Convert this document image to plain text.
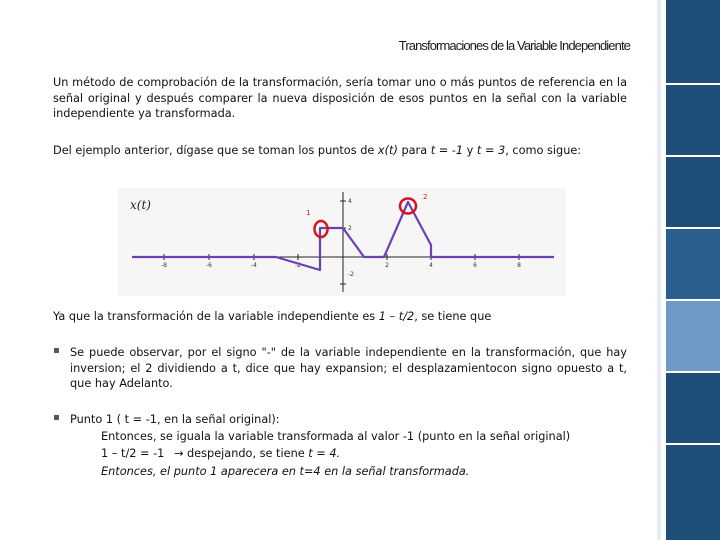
Transformaciones de la Variable Independiente
Un método de comprobación de la transformación, sería tomar uno o más puntos de referencia en la señal original y después comparer la nueva disposición de esos puntos en la señal con la variable independiente ya transformada.
Del ejemplo anterior, dígase que se toman los puntos de x(t) para t = -1 y t = 3, como sigue:
x(t)
-8	-6	-4	-2	2	4	6	8
4
2
-2
1
2
Ya que la transformación de la variable independiente es 1 – t/2, se tiene que
▪ Se puede observar, por el signo "-" de la variable independiente en la transformación, que hay inversion; el 2 dividiendo a t, dice que hay expansion; el desplazamientocon signo opuesto a t, que hay Adelanto.
▪ Punto 1 ( t = -1, en la señal original):
Entonces, se iguala la variable transformada al valor -1 (punto en la señal original)
1 – t/2 = -1 → despejando, se tiene t = 4.
Entonces, el punto 1 aparecera en t=4 en la señal transformada.
